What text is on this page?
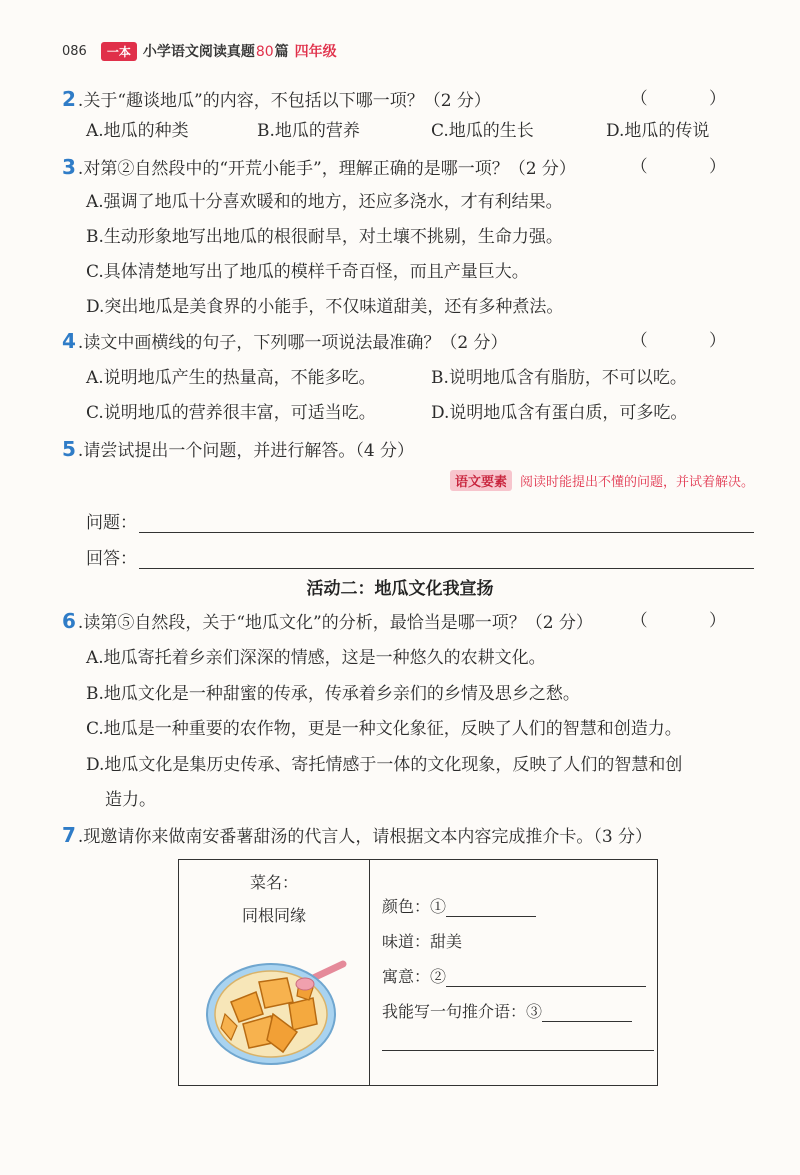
086	一本 小学语文阅读真题80篇 四年级
2 .关于“趣谈地瓜”的内容，不包括以下哪一项？（2 分）	（ ）
A.地瓜的种类	B.地瓜的营养	C.地瓜的生长	D.地瓜的传说
3 .对第②自然段中的“开荒小能手”，理解正确的是哪一项？（2 分）	（ ）
A.强调了地瓜十分喜欢暖和的地方，还应多浇水，才有利结果。
B.生动形象地写出地瓜的根很耐旱，对土壤不挑剔，生命力强。
C.具体清楚地写出了地瓜的模样千奇百怪，而且产量巨大。
D.突出地瓜是美食界的小能手，不仅味道甜美，还有多种煮法。
4 .读文中画横线的句子，下列哪一项说法最准确？（2 分）	（ ）
A.说明地瓜产生的热量高，不能多吃。	B.说明地瓜含有脂肪，不可以吃。
C.说明地瓜的营养很丰富，可适当吃。	D.说明地瓜含有蛋白质，可多吃。
5 .请尝试提出一个问题，并进行解答。（4 分）
语文要素	阅读时能提出不懂的问题，并试着解决。
问题：
回答：
活动二：地瓜文化我宣扬
6 .读第⑤自然段，关于“地瓜文化”的分析，最恰当是哪一项？（2 分） （ ）
A.地瓜寄托着乡亲们深深的情感，这是一种悠久的农耕文化。
B.地瓜文化是一种甜蜜的传承，传承着乡亲们的乡情及思乡之愁。
C.地瓜是一种重要的农作物，更是一种文化象征，反映了人们的智慧和创造力。
D.地瓜文化是集历史传承、寄托情感于一体的文化现象，反映了人们的智慧和创
造力。
7 .现邀请你来做南安番薯甜汤的代言人，请根据文本内容完成推介卡。（3 分）
菜名：
同根同缘	颜色：①
味道：甜美
寓意：②
我能写一句推介语：③
